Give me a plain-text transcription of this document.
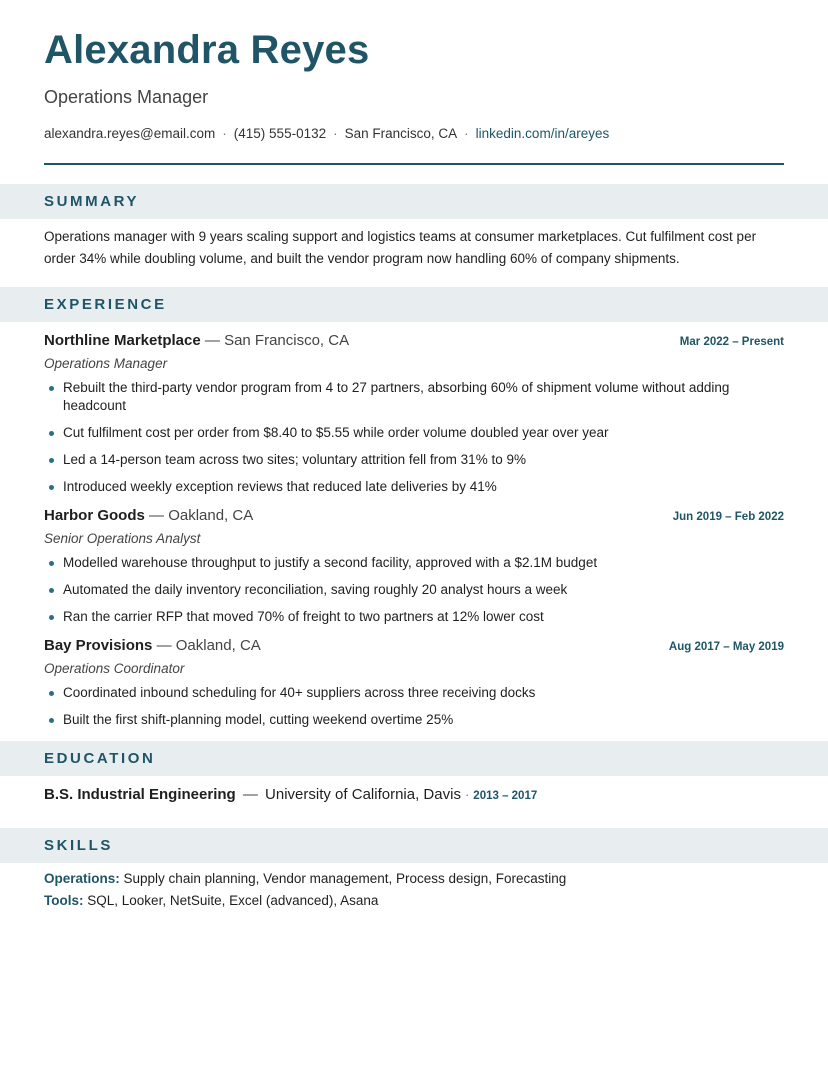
Alexandra Reyes
Operations Manager
alexandra.reyes@email.com · (415) 555-0132 · San Francisco, CA · linkedin.com/in/areyes
SUMMARY
Operations manager with 9 years scaling support and logistics teams at consumer marketplaces. Cut fulfilment cost per order 34% while doubling volume, and built the vendor program now handling 60% of company shipments.
EXPERIENCE
Northline Marketplace — San Francisco, CA	Mar 2022 – Present
Operations Manager
Rebuilt the third-party vendor program from 4 to 27 partners, absorbing 60% of shipment volume without adding headcount
Cut fulfilment cost per order from $8.40 to $5.55 while order volume doubled year over year
Led a 14-person team across two sites; voluntary attrition fell from 31% to 9%
Introduced weekly exception reviews that reduced late deliveries by 41%
Harbor Goods — Oakland, CA	Jun 2019 – Feb 2022
Senior Operations Analyst
Modelled warehouse throughput to justify a second facility, approved with a $2.1M budget
Automated the daily inventory reconciliation, saving roughly 20 analyst hours a week
Ran the carrier RFP that moved 70% of freight to two partners at 12% lower cost
Bay Provisions — Oakland, CA	Aug 2017 – May 2019
Operations Coordinator
Coordinated inbound scheduling for 40+ suppliers across three receiving docks
Built the first shift-planning model, cutting weekend overtime 25%
EDUCATION
B.S. Industrial Engineering — University of California, Davis · 2013 – 2017
SKILLS
Operations: Supply chain planning, Vendor management, Process design, Forecasting
Tools: SQL, Looker, NetSuite, Excel (advanced), Asana
